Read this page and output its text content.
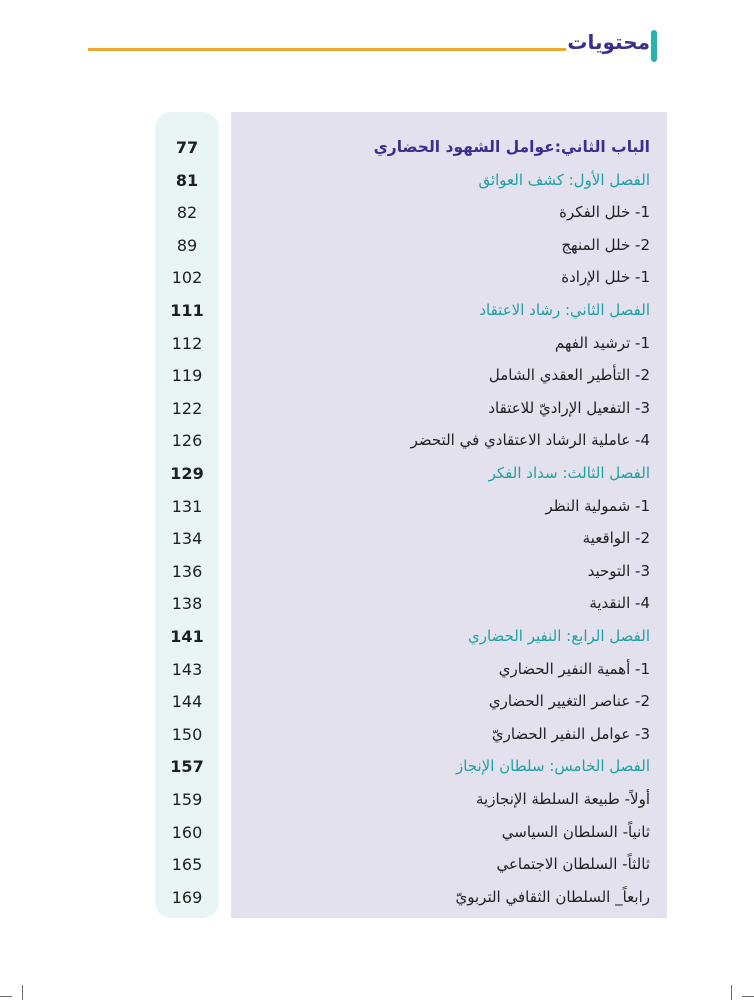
محتويات
الباب الثاني:عوامل الشهود الحضاري
77
الفصل الأول: كشف العوائق
81
1- خلل الفكرة
82
2- خلل المنهج
89
1- خلل الإرادة
102
الفصل الثاني: رشاد الاعتقاد
111
1- ترشيد الفهم
112
2- التأطير العقدي الشامل
119
3- التفعيل الإراديّ للاعتقاد
122
4- عاملية الرشاد الاعتقادي في التحضر
126
الفصل الثالث: سداد الفكر
129
1- شمولية النظر
131
2- الواقعية
134
3- التوحيد
136
4- النقدية
138
الفصل الرابع: النفير الحضاري
141
1- أهمية النفير الحضاري
143
2- عناصر التغيير الحضاري
144
3- عوامل النفير الحضاريّ
150
الفصل الخامس: سلطان الإنجاز
157
أولاً- طبيعة السلطة الإنجازية
159
ثانياً- السلطان السياسي
160
ثالثاً- السلطان الاجتماعي
165
رابعاً_ السلطان الثقافي التربويّ
169
